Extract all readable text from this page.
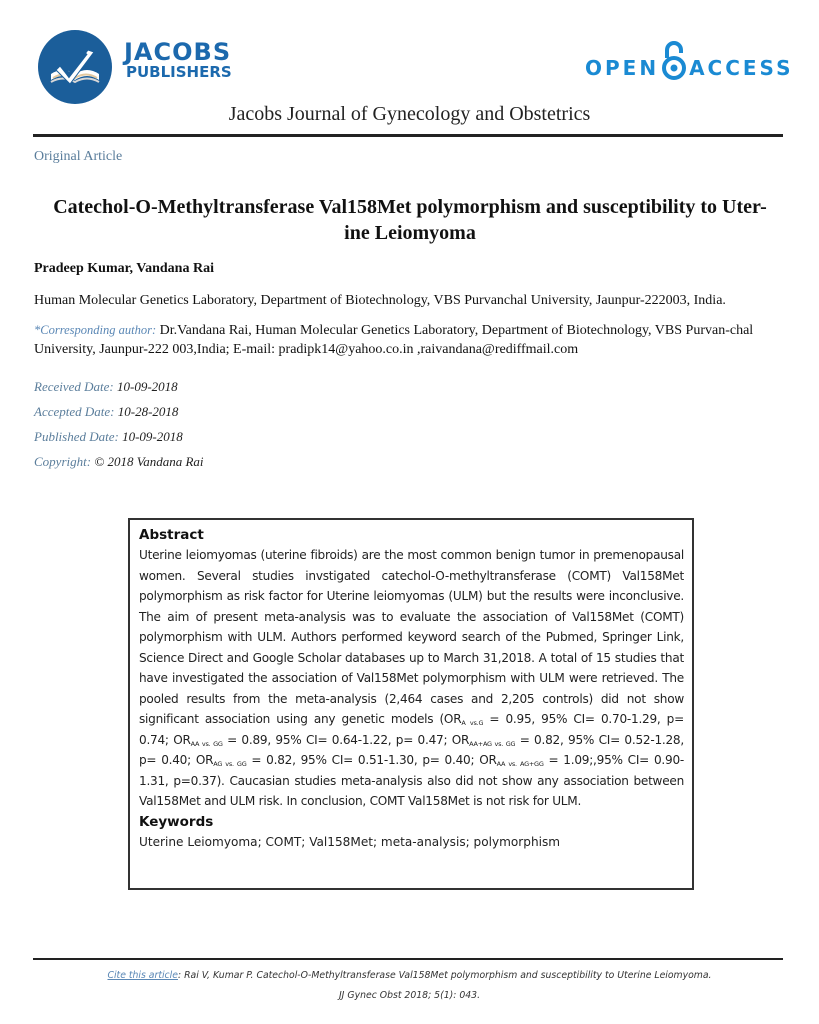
JACOBS
PUBLISHERS	OPEN ACCESS
Jacobs Journal of Gynecology and Obstetrics
Original Article
Catechol-O-Methyltransferase Val158Met polymorphism and susceptibility to Uter-
ine Leiomyoma
Pradeep Kumar, Vandana Rai
Human Molecular Genetics Laboratory, Department of Biotechnology, VBS Purvanchal University, Jaunpur-222003, India.
*Corresponding author: Dr.Vandana Rai, Human Molecular Genetics Laboratory, Department of Biotechnology, VBS Purvan-chal University, Jaunpur-222 003,India; E-mail: pradipk14@yahoo.co.in ,raivandana@rediffmail.com
Received Date: 10-09-2018
Accepted Date: 10-28-2018
Published Date: 10-09-2018
Copyright: © 2018 Vandana Rai
Abstract

Uterine leiomyomas (uterine fibroids) are the most common benign tumor in premenopausal women. Several studies invstigated catechol-O-methyltransferase (COMT) Val158Met polymorphism as risk factor for Uterine leiomyomas (ULM) but the results were inconclusive. The aim of present meta-analysis was to evaluate the association of Val158Met (COMT) polymorphism with ULM. Authors performed keyword search of the Pubmed, Springer Link, Science Direct and Google Scholar databases up to March 31,2018. A total of 15 studies that have investigated the association of Val158Met polymorphism with ULM were retrieved. The pooled results from the meta-analysis (2,464 cases and 2,205 controls) did not show significant association using any genetic models ($OR_{A vs.G} = 0.95$, 95% CI= 0.70-1.29, p= 0.74; $OR_{AA vs. GG} = 0.89$, 95% CI= 0.64-1.22, p= 0.47; $OR_{AA+AG vs. GG} = 0.82$, 95% CI= 0.52-1.28, p= 0.40; $OR_{AG vs. GG} = 0.82$, 95% CI= 0.51-1.30, p= 0.40; $OR_{AA vs. AG+GG}$ = 1.09;,95% CI= 0.90-1.31, p=0.37). Caucasian studies meta-analysis also did not show any association between Val158Met and ULM risk. In conclusion, COMT Val158Met is not risk for ULM.

Keywords

Uterine Leiomyoma; COMT; Val158Met; meta-analysis; polymorphism

Cite this article: Rai V, Kumar P. Catechol-O-Methyltransferase Val158Met polymorphism and susceptibility to Uterine Leiomyoma.
JJ Gynec Obst 2018; 5(1): 043.
